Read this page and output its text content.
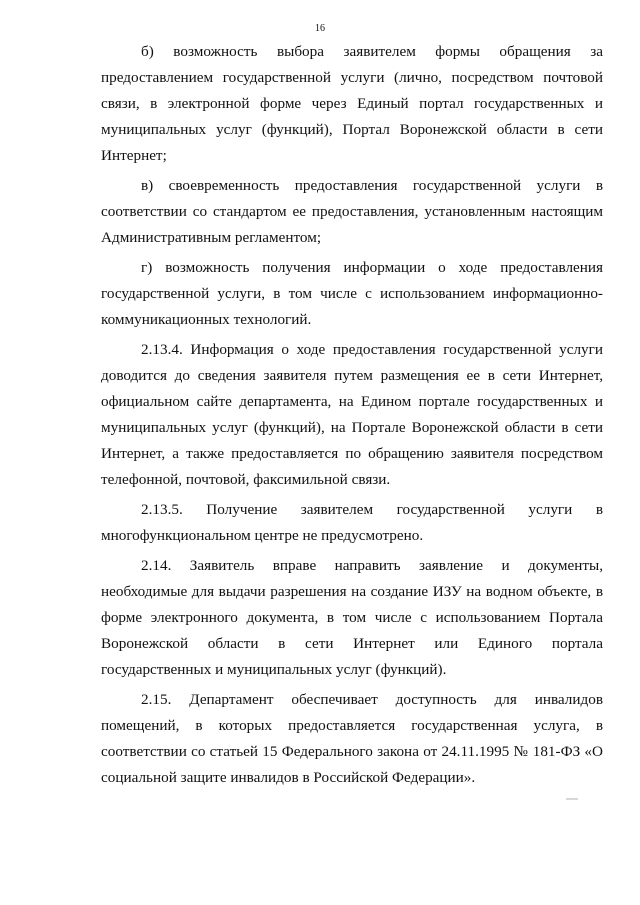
16

б) возможность выбора заявителем формы обращения за предоставлением государственной услуги (лично, посредством почтовой связи, в электронной форме через Единый портал государственных и муниципальных услуг (функций), Портал Воронежской области в сети Интернет;

в) своевременность предоставления государственной услуги в соответствии со стандартом ее предоставления, установленным настоящим Административным регламентом;

г) возможность получения информации о ходе предоставления государственной услуги, в том числе с использованием информационно-коммуникационных технологий.

2.13.4. Информация о ходе предоставления государственной услуги доводится до сведения заявителя путем размещения ее в сети Интернет, официальном сайте департамента, на Едином портале государственных и муниципальных услуг (функций), на Портале Воронежской области в сети Интернет, а также предоставляется по обращению заявителя посредством телефонной, почтовой, факсимильной связи.

2.13.5. Получение заявителем государственной услуги в многофункциональном центре не предусмотрено.

2.14. Заявитель вправе направить заявление и документы, необходимые для выдачи разрешения на создание ИЗУ на водном объекте, в форме электронного документа, в том числе с использованием Портала Воронежской области в сети Интернет или Единого портала государственных и муниципальных услуг (функций).

2.15. Департамент обеспечивает доступность для инвалидов помещений, в которых предоставляется государственная услуга, в соответствии со статьей 15 Федерального закона от 24.11.1995 № 181-ФЗ «О социальной защите инвалидов в Российской Федерации».
